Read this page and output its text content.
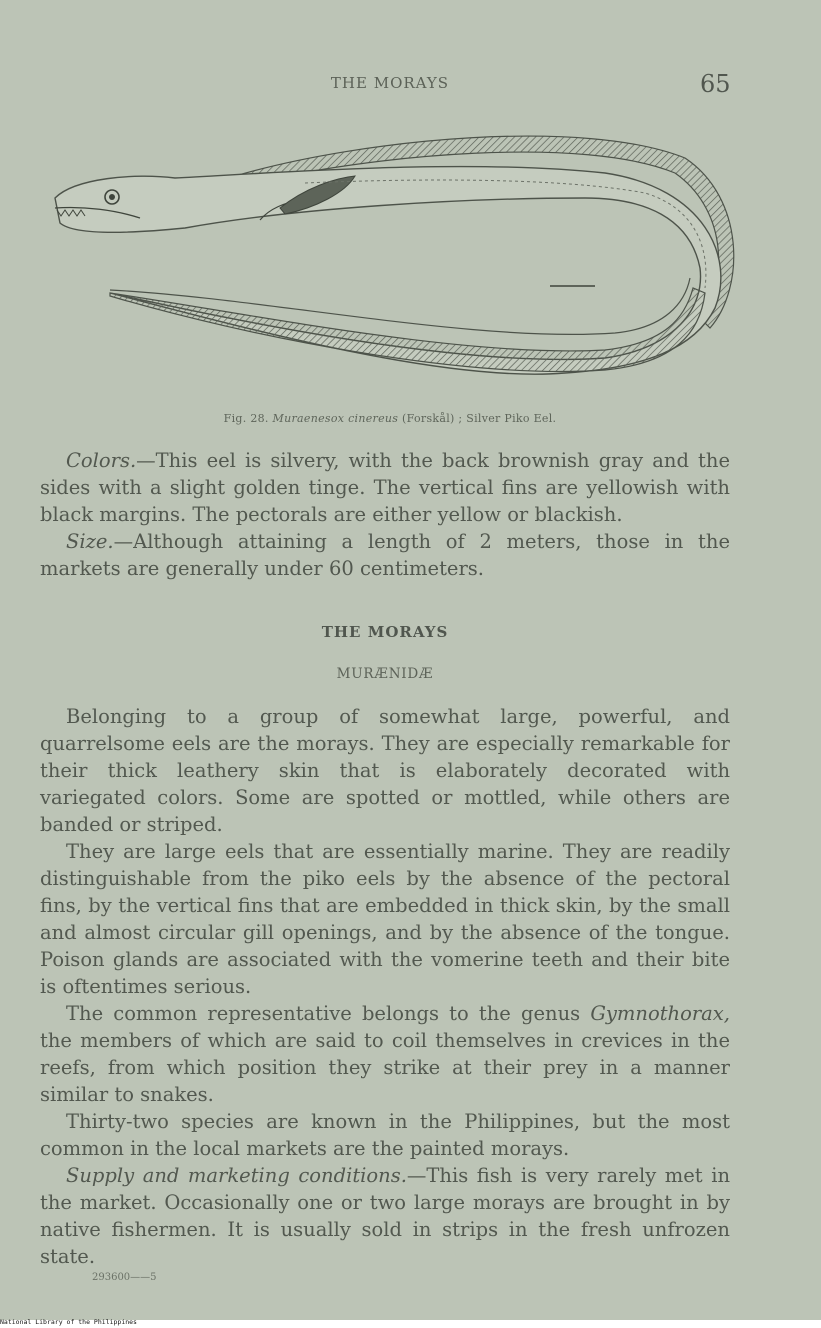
THE MORAYS	65
Fig. 28. Muraenesox cinereus (Forskål) ; Silver Piko Eel.

Colors.—This eel is silvery, with the back brownish gray and the sides with a slight golden tinge. The vertical fins are yellowish with black margins. The pectorals are either yellow or blackish.

Size.—Although attaining a length of 2 meters, those in the markets are generally under 60 centimeters.

THE MORAYS
MURÆNIDÆ

Belonging to a group of somewhat large, powerful, and quarrelsome eels are the morays. They are especially remarkable for their thick leathery skin that is elaborately decorated with variegated colors. Some are spotted or mottled, while others are banded or striped.

They are large eels that are essentially marine. They are readily distinguishable from the piko eels by the absence of the pectoral fins, by the vertical fins that are embedded in thick skin, by the small and almost circular gill openings, and by the absence of the tongue. Poison glands are associated with the vomerine teeth and their bite is oftentimes serious.

The common representative belongs to the genus Gymnothorax, the members of which are said to coil themselves in crevices in the reefs, from which position they strike at their prey in a manner similar to snakes.

Thirty-two species are known in the Philippines, but the most common in the local markets are the painted morays.

Supply and marketing conditions.—This fish is very rarely met in the market. Occasionally one or two large morays are brought in by native fishermen. It is usually sold in strips in the fresh unfrozen state.

293600——5
National Library of the Philippines
